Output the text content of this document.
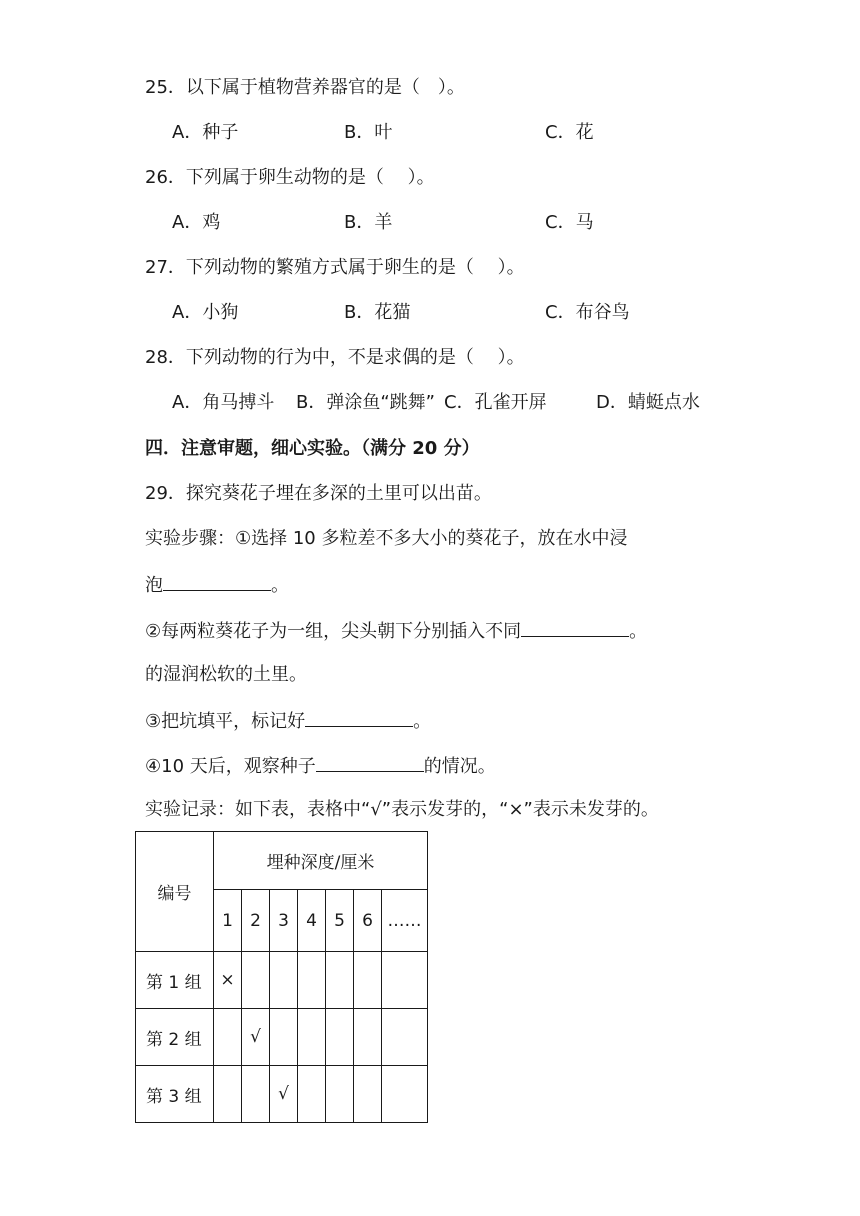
25．以下属于植物营养器官的是（　）。
A．种子	B．叶	C．花
26．下列属于卵生动物的是（　 ）。
A．鸡	B．羊	C．马
27．下列动物的繁殖方式属于卵生的是（　 ）。
A．小狗	B．花猫	C．布谷鸟
28．下列动物的行为中，不是求偶的是（　 ）。
A．角马搏斗 B．弹涂鱼“跳舞” C．孔雀开屏	D．蜻蜓点水
四．注意审题，细心实验。（满分 20 分）
29．探究葵花子埋在多深的土里可以出苗。
实验步骤：①选择 10 多粒差不多大小的葵花子，放在水中浸
泡	。
②每两粒葵花子为一组，尖头朝下分别插入不同	。
的湿润松软的土里。
③把坑填平，标记好	。
④10 天后，观察种子	的情况。
实验记录：如下表，表格中“√”表示发芽的，“×”表示未发芽的。
编号	埋种深度/厘米						
	1	2	3	4	5	6	……
第 1 组	×						
第 2 组		√					
第 3 组			√				
